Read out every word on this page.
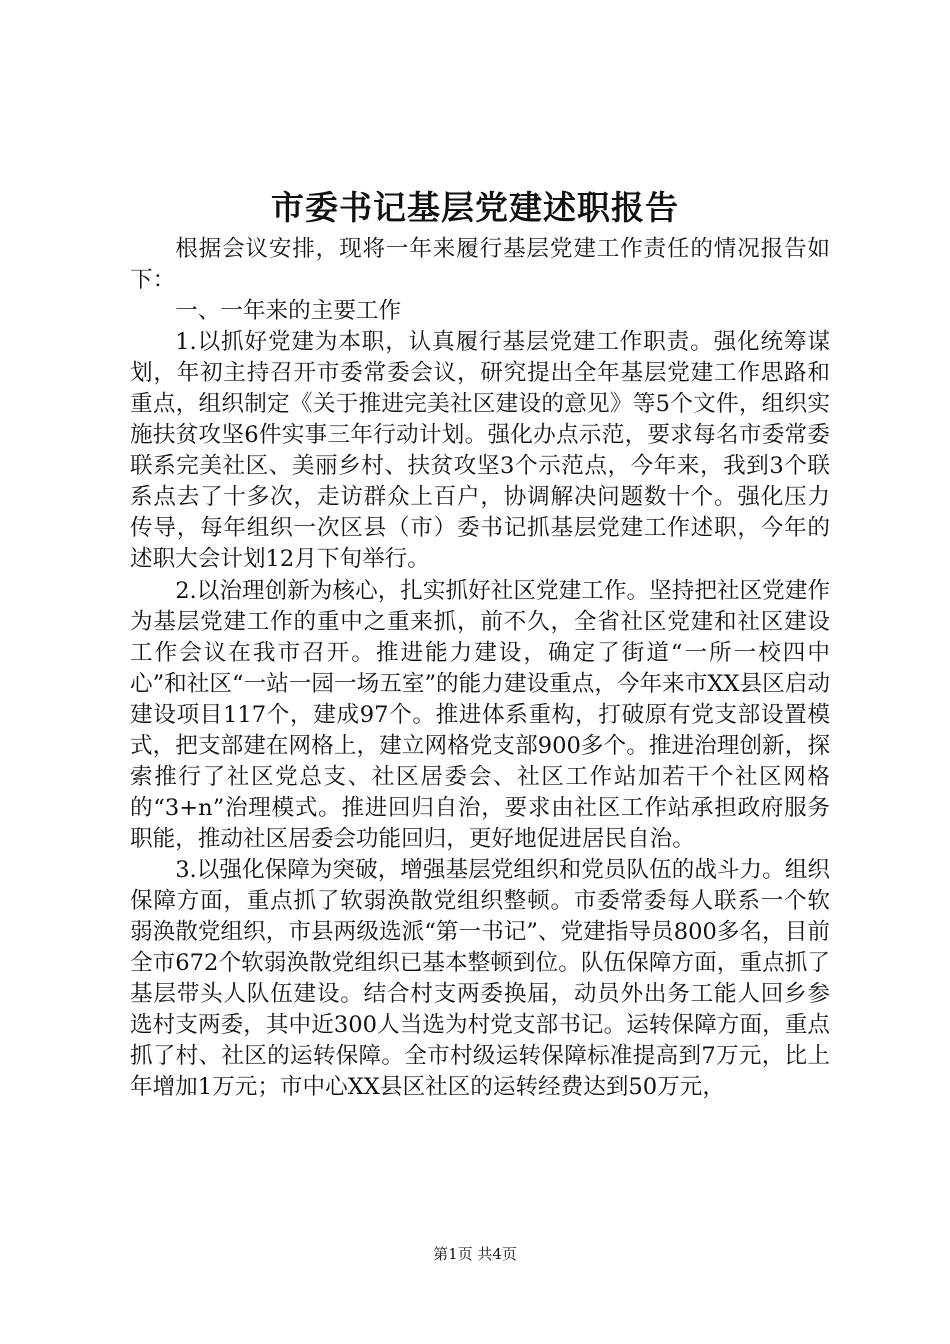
市委书记基层党建述职报告

根据会议安排，现将一年来履行基层党建工作责任的情况报告如下：

一、一年来的主要工作

1.以抓好党建为本职，认真履行基层党建工作职责。强化统筹谋划，年初主持召开市委常委会议，研究提出全年基层党建工作思路和重点，组织制定《关于推进完美社区建设的意见》等5个文件，组织实施扶贫攻坚6件实事三年行动计划。强化办点示范，要求每名市委常委联系完美社区、美丽乡村、扶贫攻坚3个示范点，今年来，我到3个联系点去了十多次，走访群众上百户，协调解决问题数十个。强化压力传导，每年组织一次区县（市）委书记抓基层党建工作述职，今年的述职大会计划12月下旬举行。

2.以治理创新为核心，扎实抓好社区党建工作。坚持把社区党建作为基层党建工作的重中之重来抓，前不久，全省社区党建和社区建设工作会议在我市召开。推进能力建设，确定了街道“一所一校四中心”和社区“一站一园一场五室”的能力建设重点，今年来市XX县区启动建设项目117个，建成97个。推进体系重构，打破原有党支部设置模式，把支部建在网格上，建立网格党支部900多个。推进治理创新，探索推行了社区党总支、社区居委会、社区工作站加若干个社区网格的“3+n”治理模式。推进回归自治，要求由社区工作站承担政府服务职能，推动社区居委会功能回归，更好地促进居民自治。

3.以强化保障为突破，增强基层党组织和党员队伍的战斗力。组织保障方面，重点抓了软弱涣散党组织整顿。市委常委每人联系一个软弱涣散党组织，市县两级选派“第一书记”、党建指导员800多名，目前全市672个软弱涣散党组织已基本整顿到位。队伍保障方面，重点抓了基层带头人队伍建设。结合村支两委换届，动员外出务工能人回乡参选村支两委，其中近300人当选为村党支部书记。运转保障方面，重点抓了村、社区的运转保障。全市村级运转保障标准提高到7万元，比上年增加1万元；市中心XX县区社区的运转经费达到50万元，

第1页 共4页
